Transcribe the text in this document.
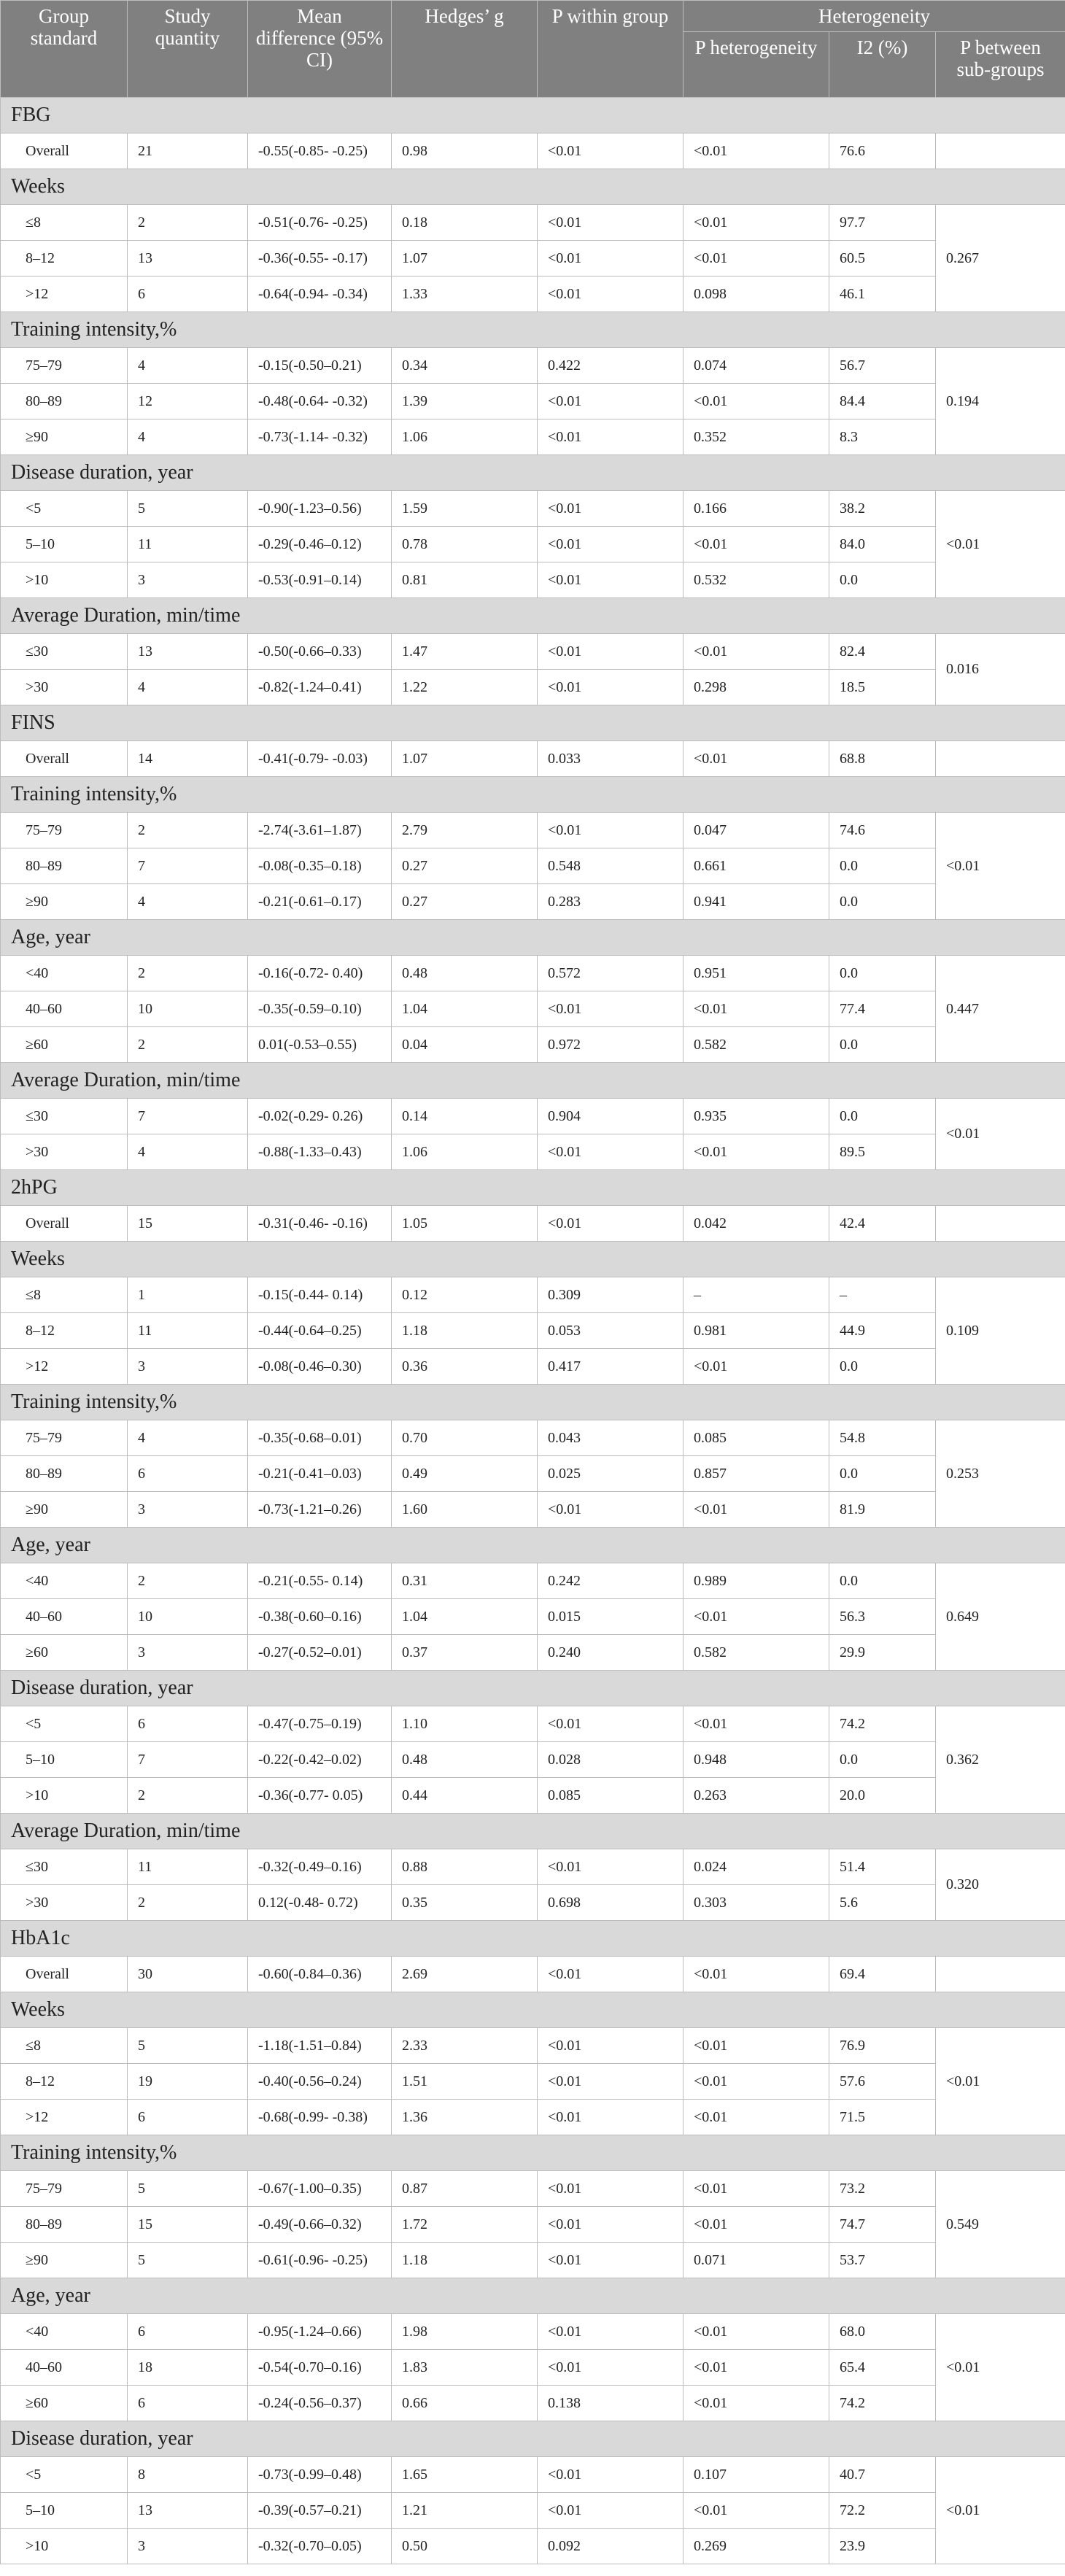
Group standard	Study quantity	Mean difference (95% CI)	Hedges’ g	P within group	Heterogeneity		
					P heterogeneity	I2 (%)	P between sub-groups
FBG							
Overall	21	-0.55(-0.85- -0.25)	0.98	<0.01	<0.01	76.6	
Weeks							
≤8	2	-0.51(-0.76- -0.25)	0.18	<0.01	<0.01	97.7	0.267
8–12	13	-0.36(-0.55- -0.17)	1.07	<0.01	<0.01	60.5	
>12	6	-0.64(-0.94- -0.34)	1.33	<0.01	0.098	46.1	
Training intensity,%							
75–79	4	-0.15(-0.50–0.21)	0.34	0.422	0.074	56.7	0.194
80–89	12	-0.48(-0.64- -0.32)	1.39	<0.01	<0.01	84.4	
≥90	4	-0.73(-1.14- -0.32)	1.06	<0.01	0.352	8.3	
Disease duration, year							
<5	5	-0.90(-1.23–0.56)	1.59	<0.01	0.166	38.2	<0.01
5–10	11	-0.29(-0.46–0.12)	0.78	<0.01	<0.01	84.0	
>10	3	-0.53(-0.91–0.14)	0.81	<0.01	0.532	0.0	
Average Duration, min/time							
≤30	13	-0.50(-0.66–0.33)	1.47	<0.01	<0.01	82.4	0.016
>30	4	-0.82(-1.24–0.41)	1.22	<0.01	0.298	18.5	
FINS							
Overall	14	-0.41(-0.79- -0.03)	1.07	0.033	<0.01	68.8	
Training intensity,%							
75–79	2	-2.74(-3.61–1.87)	2.79	<0.01	0.047	74.6	<0.01
80–89	7	-0.08(-0.35–0.18)	0.27	0.548	0.661	0.0	
≥90	4	-0.21(-0.61–0.17)	0.27	0.283	0.941	0.0	
Age, year							
<40	2	-0.16(-0.72- 0.40)	0.48	0.572	0.951	0.0	0.447
40–60	10	-0.35(-0.59–0.10)	1.04	<0.01	<0.01	77.4	
≥60	2	0.01(-0.53–0.55)	0.04	0.972	0.582	0.0	
Average Duration, min/time							
≤30	7	-0.02(-0.29- 0.26)	0.14	0.904	0.935	0.0	<0.01
>30	4	-0.88(-1.33–0.43)	1.06	<0.01	<0.01	89.5	
2hPG							
Overall	15	-0.31(-0.46- -0.16)	1.05	<0.01	0.042	42.4	
Weeks							
≤8	1	-0.15(-0.44- 0.14)	0.12	0.309	–	–	0.109
8–12	11	-0.44(-0.64–0.25)	1.18	0.053	0.981	44.9	
>12	3	-0.08(-0.46–0.30)	0.36	0.417	<0.01	0.0	
Training intensity,%							
75–79	4	-0.35(-0.68–0.01)	0.70	0.043	0.085	54.8	0.253
80–89	6	-0.21(-0.41–0.03)	0.49	0.025	0.857	0.0	
≥90	3	-0.73(-1.21–0.26)	1.60	<0.01	<0.01	81.9	
Age, year							
<40	2	-0.21(-0.55- 0.14)	0.31	0.242	0.989	0.0	0.649
40–60	10	-0.38(-0.60–0.16)	1.04	0.015	<0.01	56.3	
≥60	3	-0.27(-0.52–0.01)	0.37	0.240	0.582	29.9	
Disease duration, year							
<5	6	-0.47(-0.75–0.19)	1.10	<0.01	<0.01	74.2	0.362
5–10	7	-0.22(-0.42–0.02)	0.48	0.028	0.948	0.0	
>10	2	-0.36(-0.77- 0.05)	0.44	0.085	0.263	20.0	
Average Duration, min/time							
≤30	11	-0.32(-0.49–0.16)	0.88	<0.01	0.024	51.4	0.320
>30	2	0.12(-0.48- 0.72)	0.35	0.698	0.303	5.6	
HbA1c							
Overall	30	-0.60(-0.84–0.36)	2.69	<0.01	<0.01	69.4	
Weeks							
≤8	5	-1.18(-1.51–0.84)	2.33	<0.01	<0.01	76.9	<0.01
8–12	19	-0.40(-0.56–0.24)	1.51	<0.01	<0.01	57.6	
>12	6	-0.68(-0.99- -0.38)	1.36	<0.01	<0.01	71.5	
Training intensity,%							
75–79	5	-0.67(-1.00–0.35)	0.87	<0.01	<0.01	73.2	0.549
80–89	15	-0.49(-0.66–0.32)	1.72	<0.01	<0.01	74.7	
≥90	5	-0.61(-0.96- -0.25)	1.18	<0.01	0.071	53.7	
Age, year							
<40	6	-0.95(-1.24–0.66)	1.98	<0.01	<0.01	68.0	<0.01
40–60	18	-0.54(-0.70–0.16)	1.83	<0.01	<0.01	65.4	
≥60	6	-0.24(-0.56–0.37)	0.66	0.138	<0.01	74.2	
Disease duration, year							
<5	8	-0.73(-0.99–0.48)	1.65	<0.01	0.107	40.7	<0.01
5–10	13	-0.39(-0.57–0.21)	1.21	<0.01	<0.01	72.2	
>10	3	-0.32(-0.70–0.05)	0.50	0.092	0.269	23.9	
